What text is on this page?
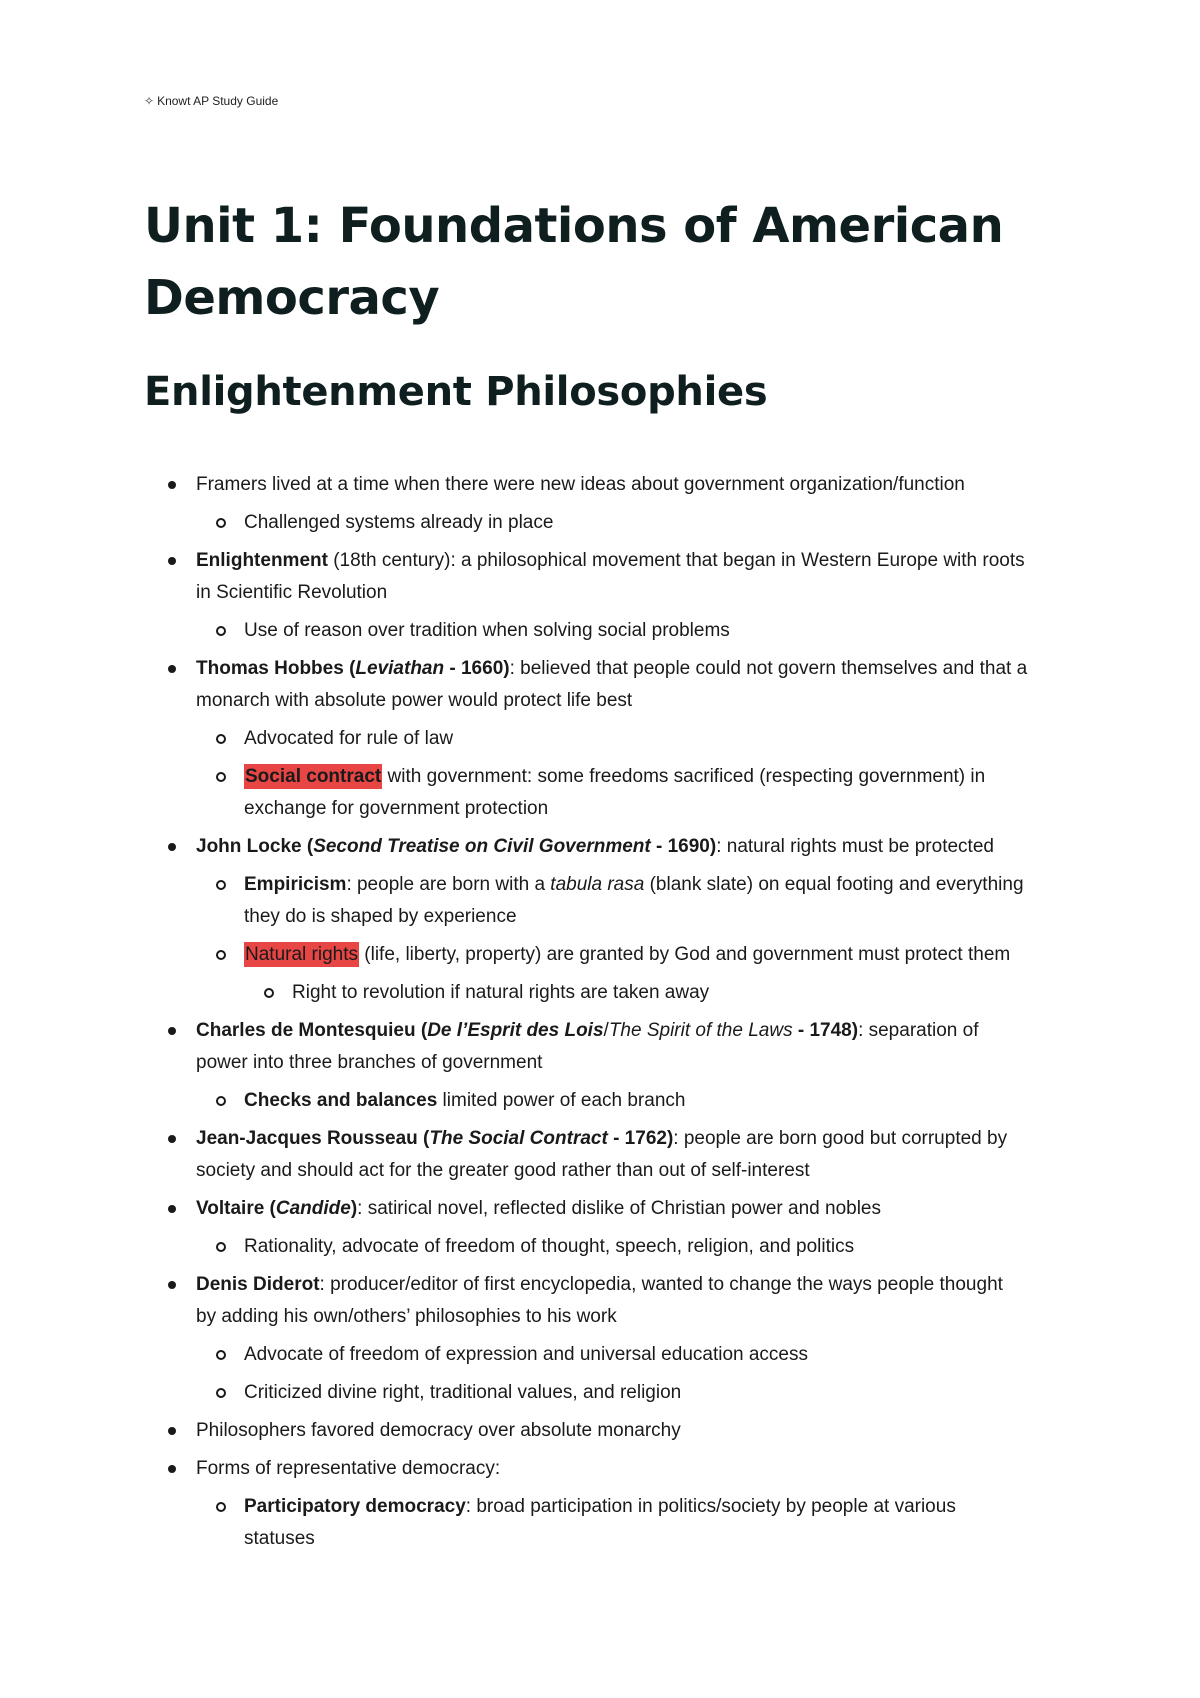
✧ Knowt AP Study Guide
Unit 1: Foundations of American Democracy
Enlightenment Philosophies
Framers lived at a time when there were new ideas about government organization/function
Challenged systems already in place
Enlightenment (18th century): a philosophical movement that began in Western Europe with roots in Scientific Revolution
Use of reason over tradition when solving social problems
Thomas Hobbes (Leviathan - 1660): believed that people could not govern themselves and that a monarch with absolute power would protect life best
Advocated for rule of law
Social contract with government: some freedoms sacrificed (respecting government) in exchange for government protection
John Locke (Second Treatise on Civil Government - 1690): natural rights must be protected
Empiricism: people are born with a tabula rasa (blank slate) on equal footing and everything they do is shaped by experience
Natural rights (life, liberty, property) are granted by God and government must protect them
Right to revolution if natural rights are taken away
Charles de Montesquieu (De l’Esprit des Lois/The Spirit of the Laws - 1748): separation of power into three branches of government
Checks and balances limited power of each branch
Jean-Jacques Rousseau (The Social Contract - 1762): people are born good but corrupted by society and should act for the greater good rather than out of self-interest
Voltaire (Candide): satirical novel, reflected dislike of Christian power and nobles
Rationality, advocate of freedom of thought, speech, religion, and politics
Denis Diderot: producer/editor of first encyclopedia, wanted to change the ways people thought by adding his own/others’ philosophies to his work
Advocate of freedom of expression and universal education access
Criticized divine right, traditional values, and religion
Philosophers favored democracy over absolute monarchy
Forms of representative democracy:
Participatory democracy: broad participation in politics/society by people at various statuses
